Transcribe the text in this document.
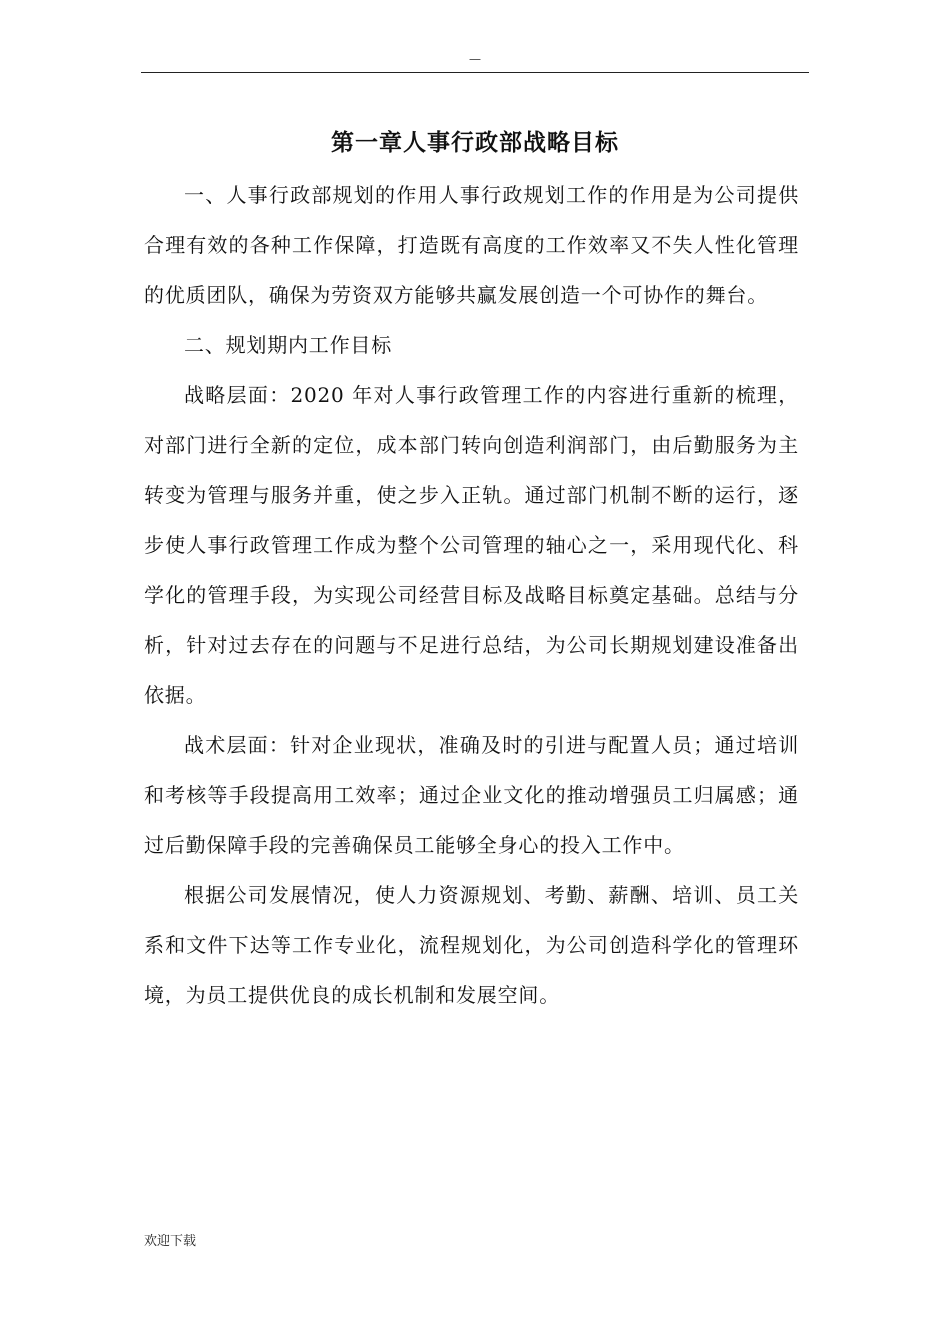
—
第一章人事行政部战略目标

一、人事行政部规划的作用人事行政规划工作的作用是为公司提供合理有效的各种工作保障，打造既有高度的工作效率又不失人性化管理的优质团队，确保为劳资双方能够共赢发展创造一个可协作的舞台。

二、规划期内工作目标

战略层面：2020 年对人事行政管理工作的内容进行重新的梳理，对部门进行全新的定位，成本部门转向创造利润部门，由后勤服务为主转变为管理与服务并重，使之步入正轨。通过部门机制不断的运行，逐步使人事行政管理工作成为整个公司管理的轴心之一，采用现代化、科学化的管理手段，为实现公司经营目标及战略目标奠定基础。总结与分析，针对过去存在的问题与不足进行总结，为公司长期规划建设准备出依据。

战术层面：针对企业现状，准确及时的引进与配置人员；通过培训和考核等手段提高用工效率；通过企业文化的推动增强员工归属感；通过后勤保障手段的完善确保员工能够全身心的投入工作中。

根据公司发展情况，使人力资源规划、考勤、薪酬、培训、员工关系和文件下达等工作专业化，流程规划化，为公司创造科学化的管理环境，为员工提供优良的成长机制和发展空间。

欢迎下载
